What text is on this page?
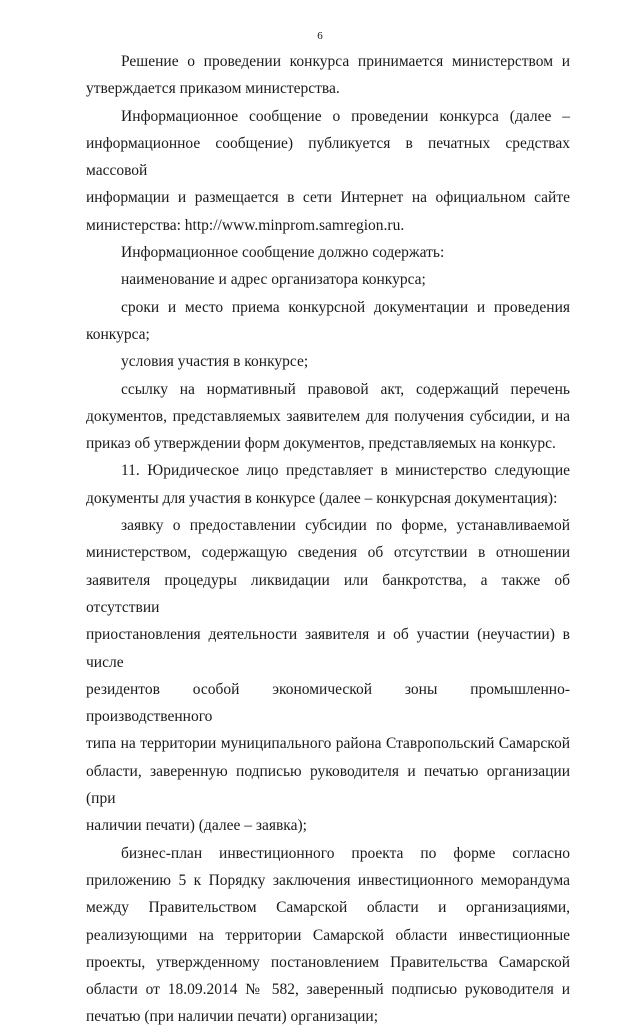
6
Решение о проведении конкурса принимается министерством и
утверждается приказом министерства.
Информационное сообщение о проведении конкурса (далее –
информационное сообщение) публикуется в печатных средствах массовой
информации и размещается в сети Интернет на официальном сайте
министерства: http://www.minprom.samregion.ru.
Информационное сообщение должно содержать:
наименование и адрес организатора конкурса;
сроки и место приема конкурсной документации и проведения
конкурса;
условия участия в конкурсе;
ссылку на нормативный правовой акт, содержащий перечень
документов, представляемых заявителем для получения субсидии, и на
приказ об утверждении форм документов, представляемых на конкурс.
11. Юридическое лицо представляет в министерство следующие
документы для участия в конкурсе (далее – конкурсная документация):
заявку о предоставлении субсидии по форме, устанавливаемой
министерством, содержащую сведения об отсутствии в отношении
заявителя процедуры ликвидации или банкротства, а также об отсутствии
приостановления деятельности заявителя и об участии (неучастии) в числе
резидентов особой экономической зоны промышленно-производственного
типа на территории муниципального района Ставропольский Самарской
области, заверенную подписью руководителя и печатью организации (при
наличии печати) (далее – заявка);
бизнес-план инвестиционного проекта по форме согласно
приложению 5 к Порядку заключения инвестиционного меморандума
между Правительством Самарской области и организациями,
реализующими на территории Самарской области инвестиционные
проекты, утвержденному постановлением Правительства Самарской
области от 18.09.2014 № 582, заверенный подписью руководителя и
печатью (при наличии печати) организации;
